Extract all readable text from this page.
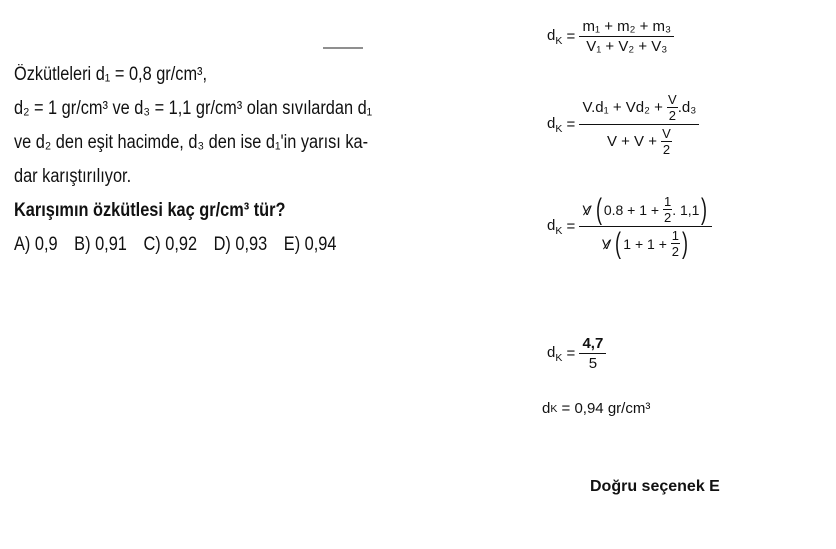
Özkütleleri d₁ = 0,8 gr/cm³,
d₂ = 1 gr/cm³ ve d₃ = 1,1 gr/cm³ olan sıvılardan d₁
ve d₂ den eşit hacimde, d₃ den ise d₁'in yarısı ka-
dar karıştırılıyor.
Karışımın özkütlesi kaç gr/cm³ tür?
A) 0,9 B) 0,91 C) 0,92 D) 0,93 E) 0,94
$d_K$
=
$\frac{\text{m₁ + m₂ + m₃}}{\text{V₁ + V₂ + V₃}}$
$d_K$
=
V.d₁ + Vd₂ +
$\frac{V}{2} .d_3$
V + V +
$\frac{V}{2}$
$d_K$
=
V ( 0.8 + 1 +
$\frac{1}{2}$ . 1,1 )
V ( 1 + 1 +
$\frac{1}{2}$ )
$d_K$
=
$\frac{4,7}{5}$
d K
= 0,94 gr/cm³
Doğru seçenek E
